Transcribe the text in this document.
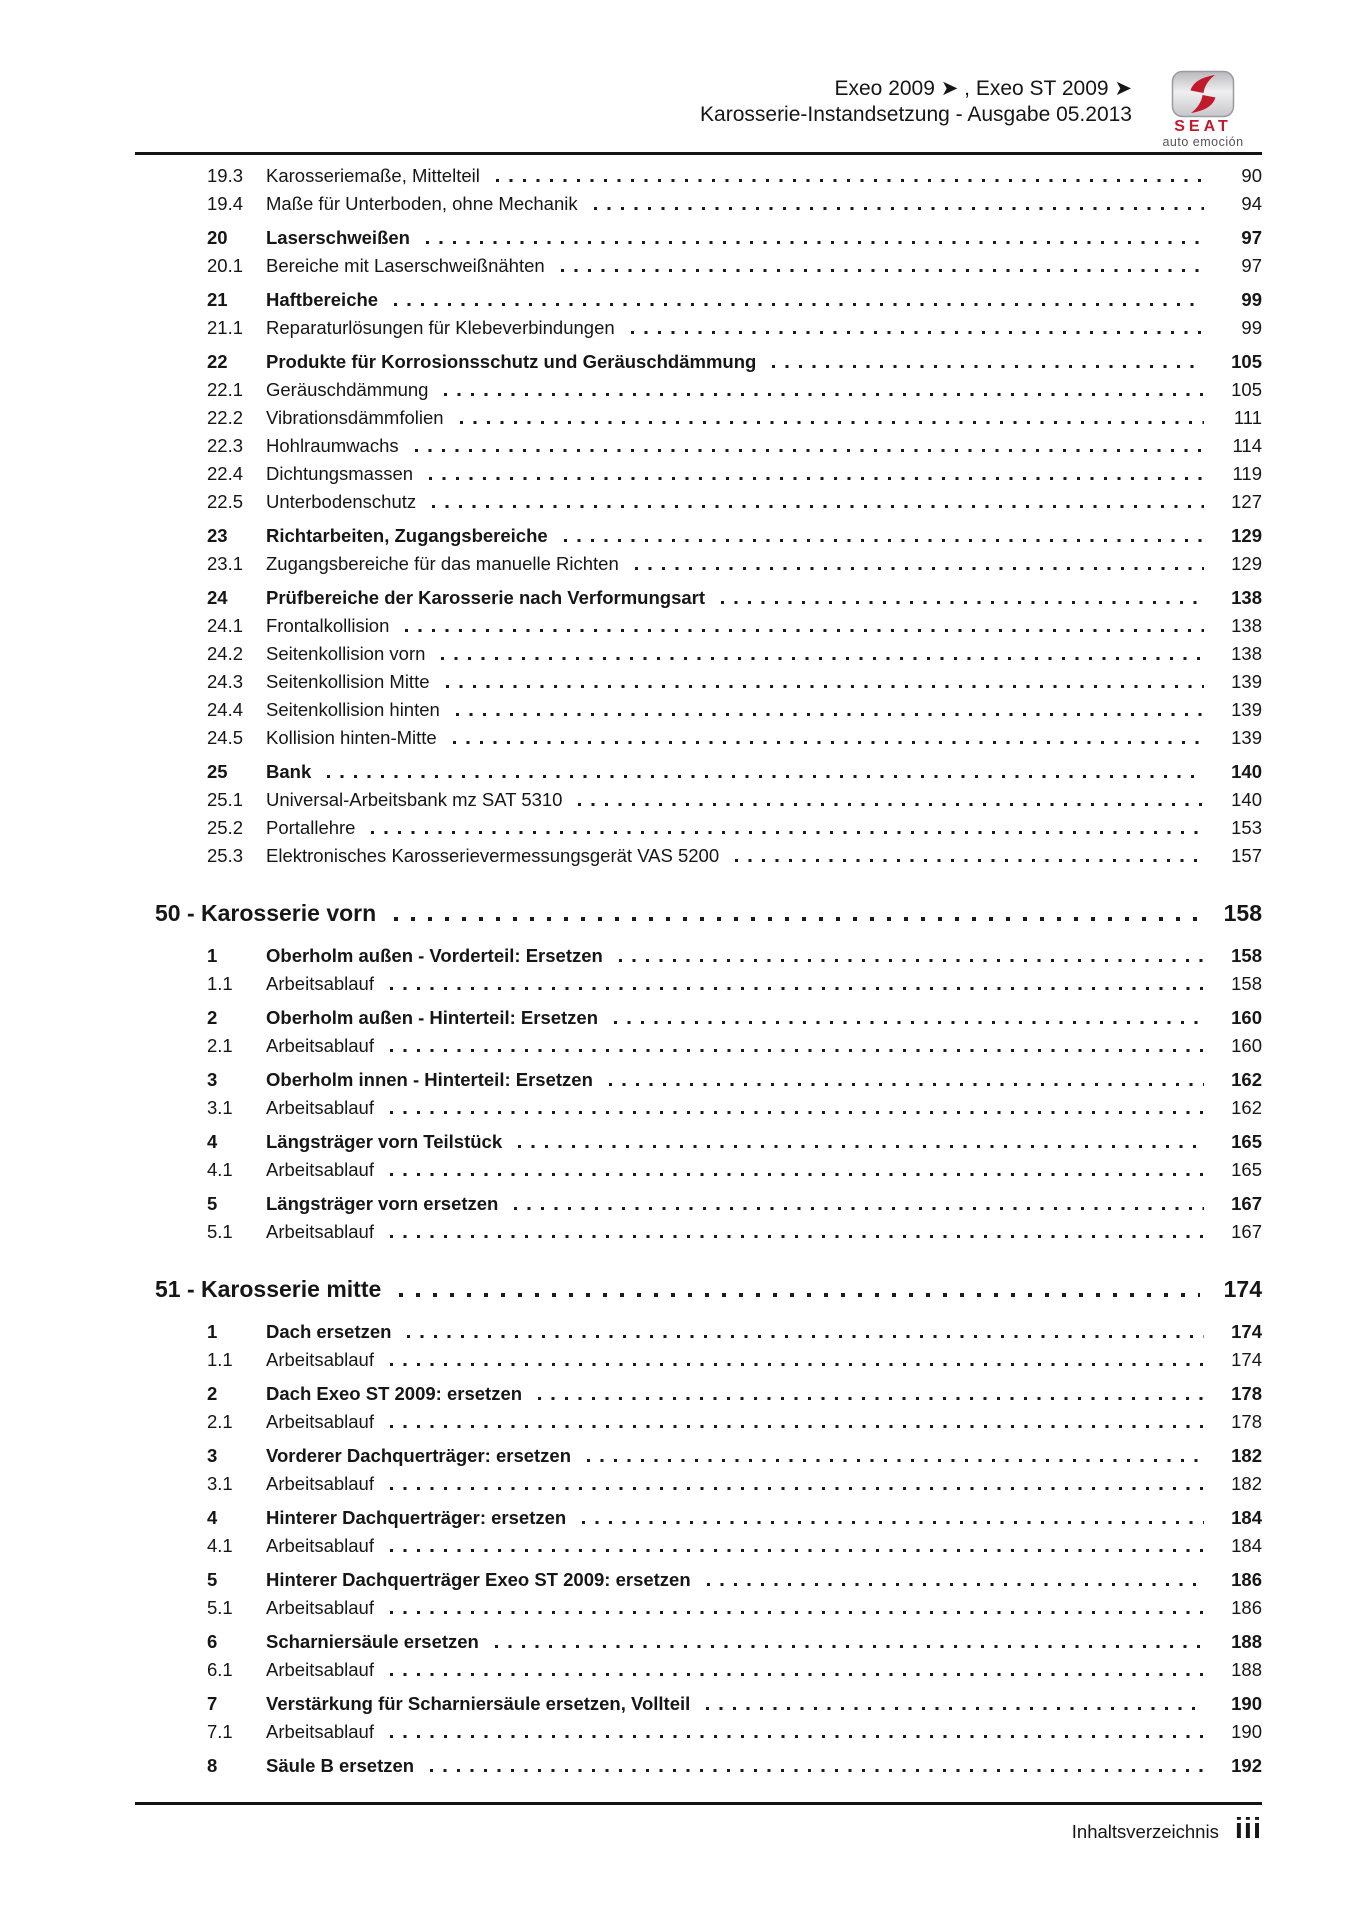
Exeo 2009 ➤ , Exeo ST 2009 ➤
Karosserie-Instandsetzung - Ausgabe 05.2013
SEAT
auto emoción
19.3	Karosseriemaße, Mittelteil	90
19.4	Maße für Unterboden, ohne Mechanik	94
20	Laserschweißen	97
20.1	Bereiche mit Laserschweißnähten	97
21	Haftbereiche	99
21.1	Reparaturlösungen für Klebeverbindungen	99
22	Produkte für Korrosionsschutz und Geräuschdämmung	105
22.1	Geräuschdämmung	105
22.2	Vibrationsdämmfolien	111
22.3	Hohlraumwachs	114
22.4	Dichtungsmassen	119
22.5	Unterbodenschutz	127
23	Richtarbeiten, Zugangsbereiche	129
23.1	Zugangsbereiche für das manuelle Richten	129
24	Prüfbereiche der Karosserie nach Verformungsart	138
24.1	Frontalkollision	138
24.2	Seitenkollision vorn	138
24.3	Seitenkollision Mitte	139
24.4	Seitenkollision hinten	139
24.5	Kollision hinten-Mitte	139
25	Bank	140
25.1	Universal-Arbeitsbank mz SAT 5310	140
25.2	Portallehre	153
25.3	Elektronisches Karosserievermessungsgerät VAS 5200	157
50 - Karosserie vorn	158
1	Oberholm außen - Vorderteil: Ersetzen	158
1.1	Arbeitsablauf	158
2	Oberholm außen - Hinterteil: Ersetzen	160
2.1	Arbeitsablauf	160
3	Oberholm innen - Hinterteil: Ersetzen	162
3.1	Arbeitsablauf	162
4	Längsträger vorn Teilstück	165
4.1	Arbeitsablauf	165
5	Längsträger vorn ersetzen	167
5.1	Arbeitsablauf	167
51 - Karosserie mitte	174
1	Dach ersetzen	174
1.1	Arbeitsablauf	174
2	Dach Exeo ST 2009: ersetzen	178
2.1	Arbeitsablauf	178
3	Vorderer Dachquerträger: ersetzen	182
3.1	Arbeitsablauf	182
4	Hinterer Dachquerträger: ersetzen	184
4.1	Arbeitsablauf	184
5	Hinterer Dachquerträger Exeo ST 2009: ersetzen	186
5.1	Arbeitsablauf	186
6	Scharniersäule ersetzen	188
6.1	Arbeitsablauf	188
7	Verstärkung für Scharniersäule ersetzen, Vollteil	190
7.1	Arbeitsablauf	190
8	Säule B ersetzen	192
Inhaltsverzeichnis iii
